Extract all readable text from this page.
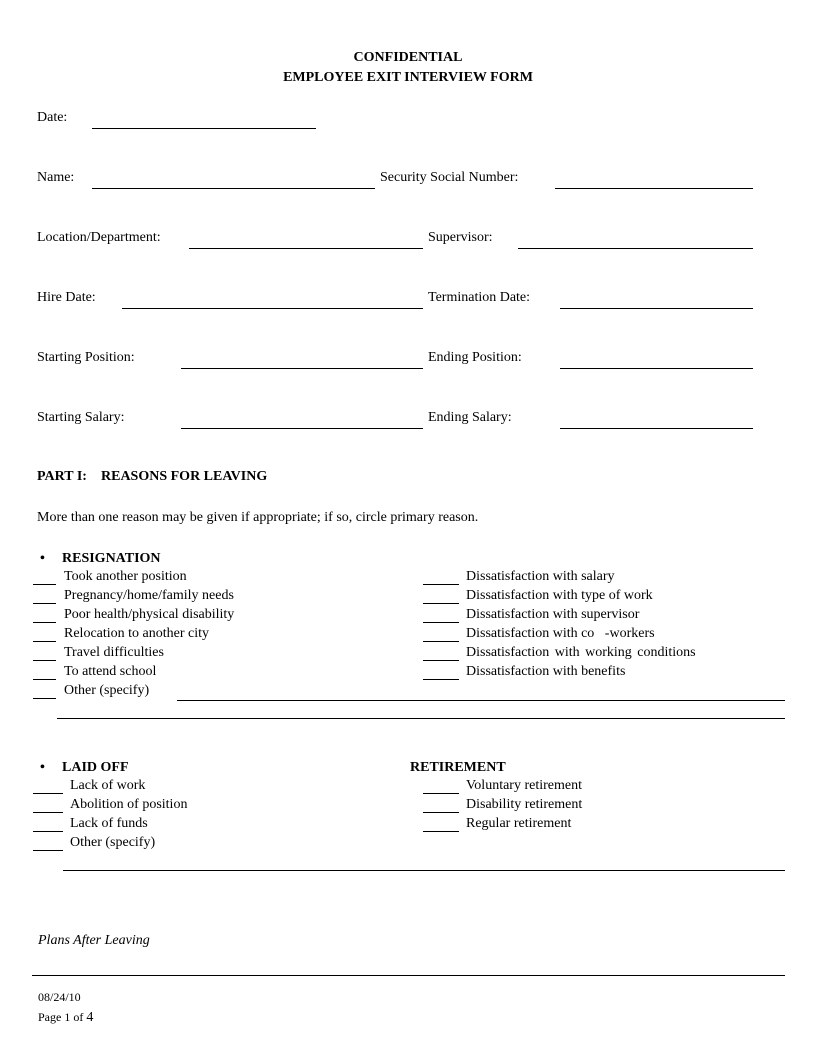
CONFIDENTIAL
EMPLOYEE EXIT INTERVIEW FORM
Date:
Name:	Security Social Number:
Location/Department:	Supervisor:
Hire Date:	Termination Date:
Starting Position:	Ending Position:
Starting Salary:	Ending Salary:
PART I: REASONS FOR LEAVING
More than one reason may be given if appropriate; if so, circle primary reason.
• RESIGNATION
Took another position
Pregnancy/home/family needs
Poor health/physical disability
Relocation to another city
Travel difficulties
To attend school
Other (specify)
Dissatisfaction with salary
Dissatisfaction with type of work
Dissatisfaction with supervisor
Dissatisfaction with co   -workers
Dissatisfaction with working conditions
Dissatisfaction with benefits
• LAID OFF
Lack of work
Abolition of position
Lack of funds
Other (specify)
RETIREMENT
Voluntary retirement
Disability retirement
Regular retirement
Plans After Leaving
08/24/10
Page 1 of 4
